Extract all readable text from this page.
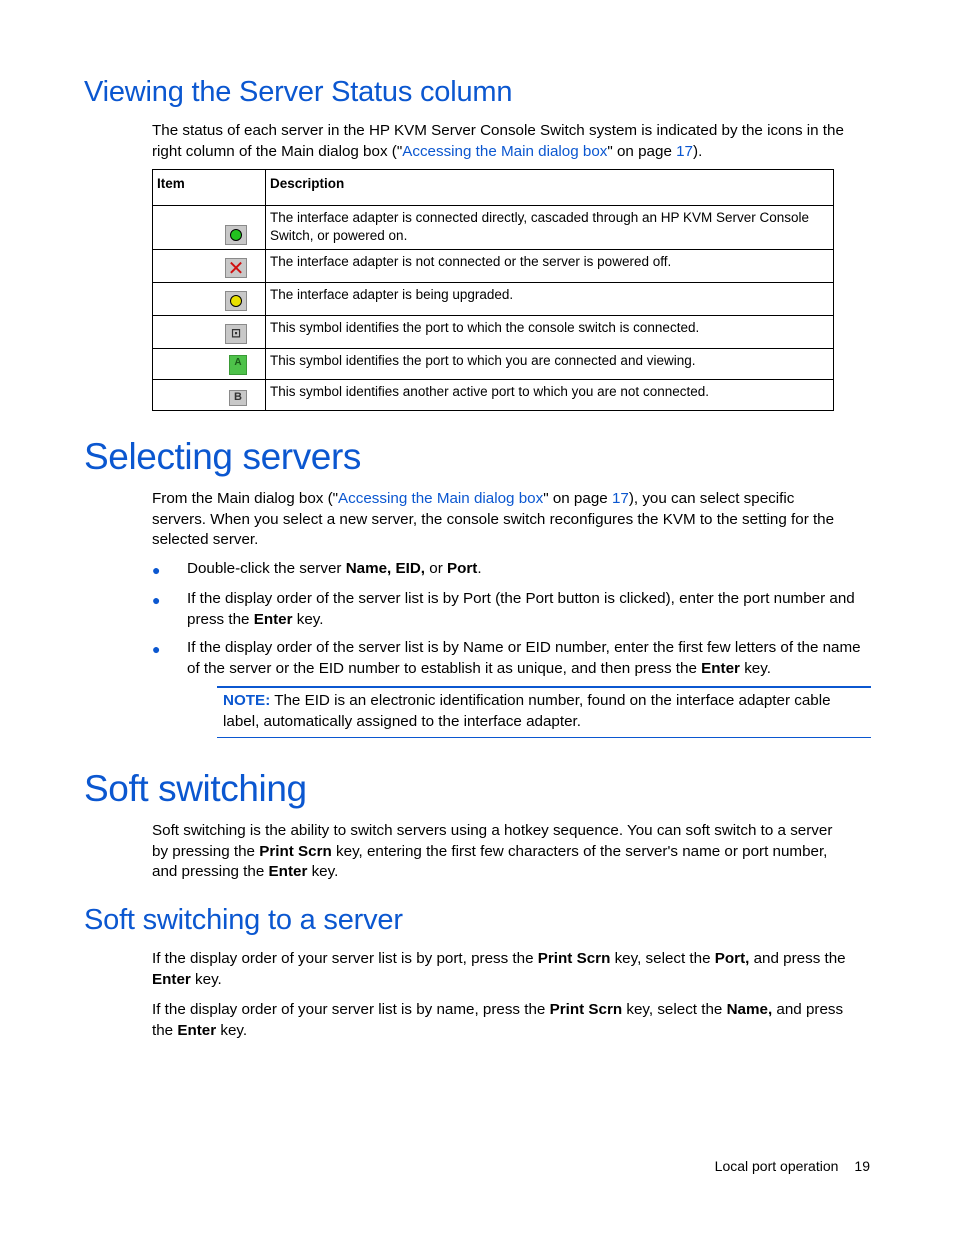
Viewing the Server Status column

The status of each server in the HP KVM Server Console Switch system is indicated by the icons in the right column of the Main dialog box ("Accessing the Main dialog box" on page 17).

Item	Description

	The interface adapter is connected directly, cascaded through an HP KVM Server Console Switch, or powered on.

✕	The interface adapter is not connected or the server is powered off.

	The interface adapter is being upgraded.

⊡	This symbol identifies the port to which the console switch is connected.

A	This symbol identifies the port to which you are connected and viewing.

B	This symbol identifies another active port to which you are not connected.
Selecting servers

From the Main dialog box ("Accessing the Main dialog box" on page 17), you can select specific servers. When you select a new server, the console switch reconfigures the KVM to the setting for the selected server.

● Double-click the server Name, EID, or Port.

● If the display order of the server list is by Port (the Port button is clicked), enter the port number and press the Enter key.

● If the display order of the server list is by Name or EID number, enter the first few letters of the name of the server or the EID number to establish it as unique, and then press the Enter key.

NOTE: The EID is an electronic identification number, found on the interface adapter cable label, automatically assigned to the interface adapter.

Soft switching

Soft switching is the ability to switch servers using a hotkey sequence. You can soft switch to a server by pressing the Print Scrn key, entering the first few characters of the server's name or port number, and pressing the Enter key.

Soft switching to a server

If the display order of your server list is by port, press the Print Scrn key, select the Port, and press the Enter key.

If the display order of your server list is by name, press the Print Scrn key, select the Name, and press the Enter key.

Local port operation 19
